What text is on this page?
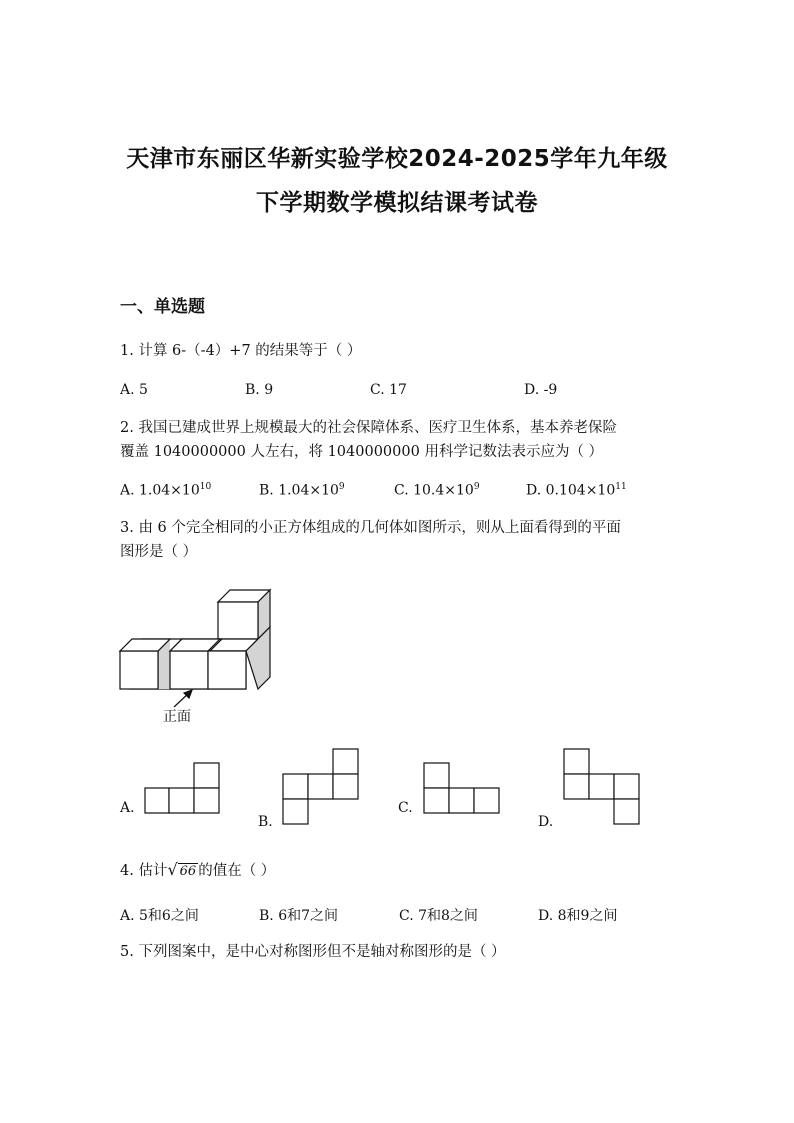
天津市东丽区华新实验学校2024-2025学年九年级
下学期数学模拟结课考试卷
一、单选题
1. 计算 6-（-4）+7 的结果等于（ ）
A. 5	B. 9	C. 17	D. -9
2. 我国已建成世界上规模最大的社会保障体系、医疗卫生体系，基本养老保险
覆盖 1040000000 人左右，将 1040000000 用科学记数法表示应为（ ）
A. $1.04\times 10^{10}$	B. $1.04\times 10^9$	C. $10.4\times 10^9$	D. $0.104\times 10^{11}$
3. 由 6 个完全相同的小正方体组成的几何体如图所示，则从上面看得到的平面
图形是（ ）
正面
A.
B.
C.
D.
4. 估计√ 66 的值在（ ）
A. 5和6之间	B. 6和7之间	C. 7和8之间	D. 8和9之间
5. 下列图案中，是中心对称图形但不是轴对称图形的是（ ）
